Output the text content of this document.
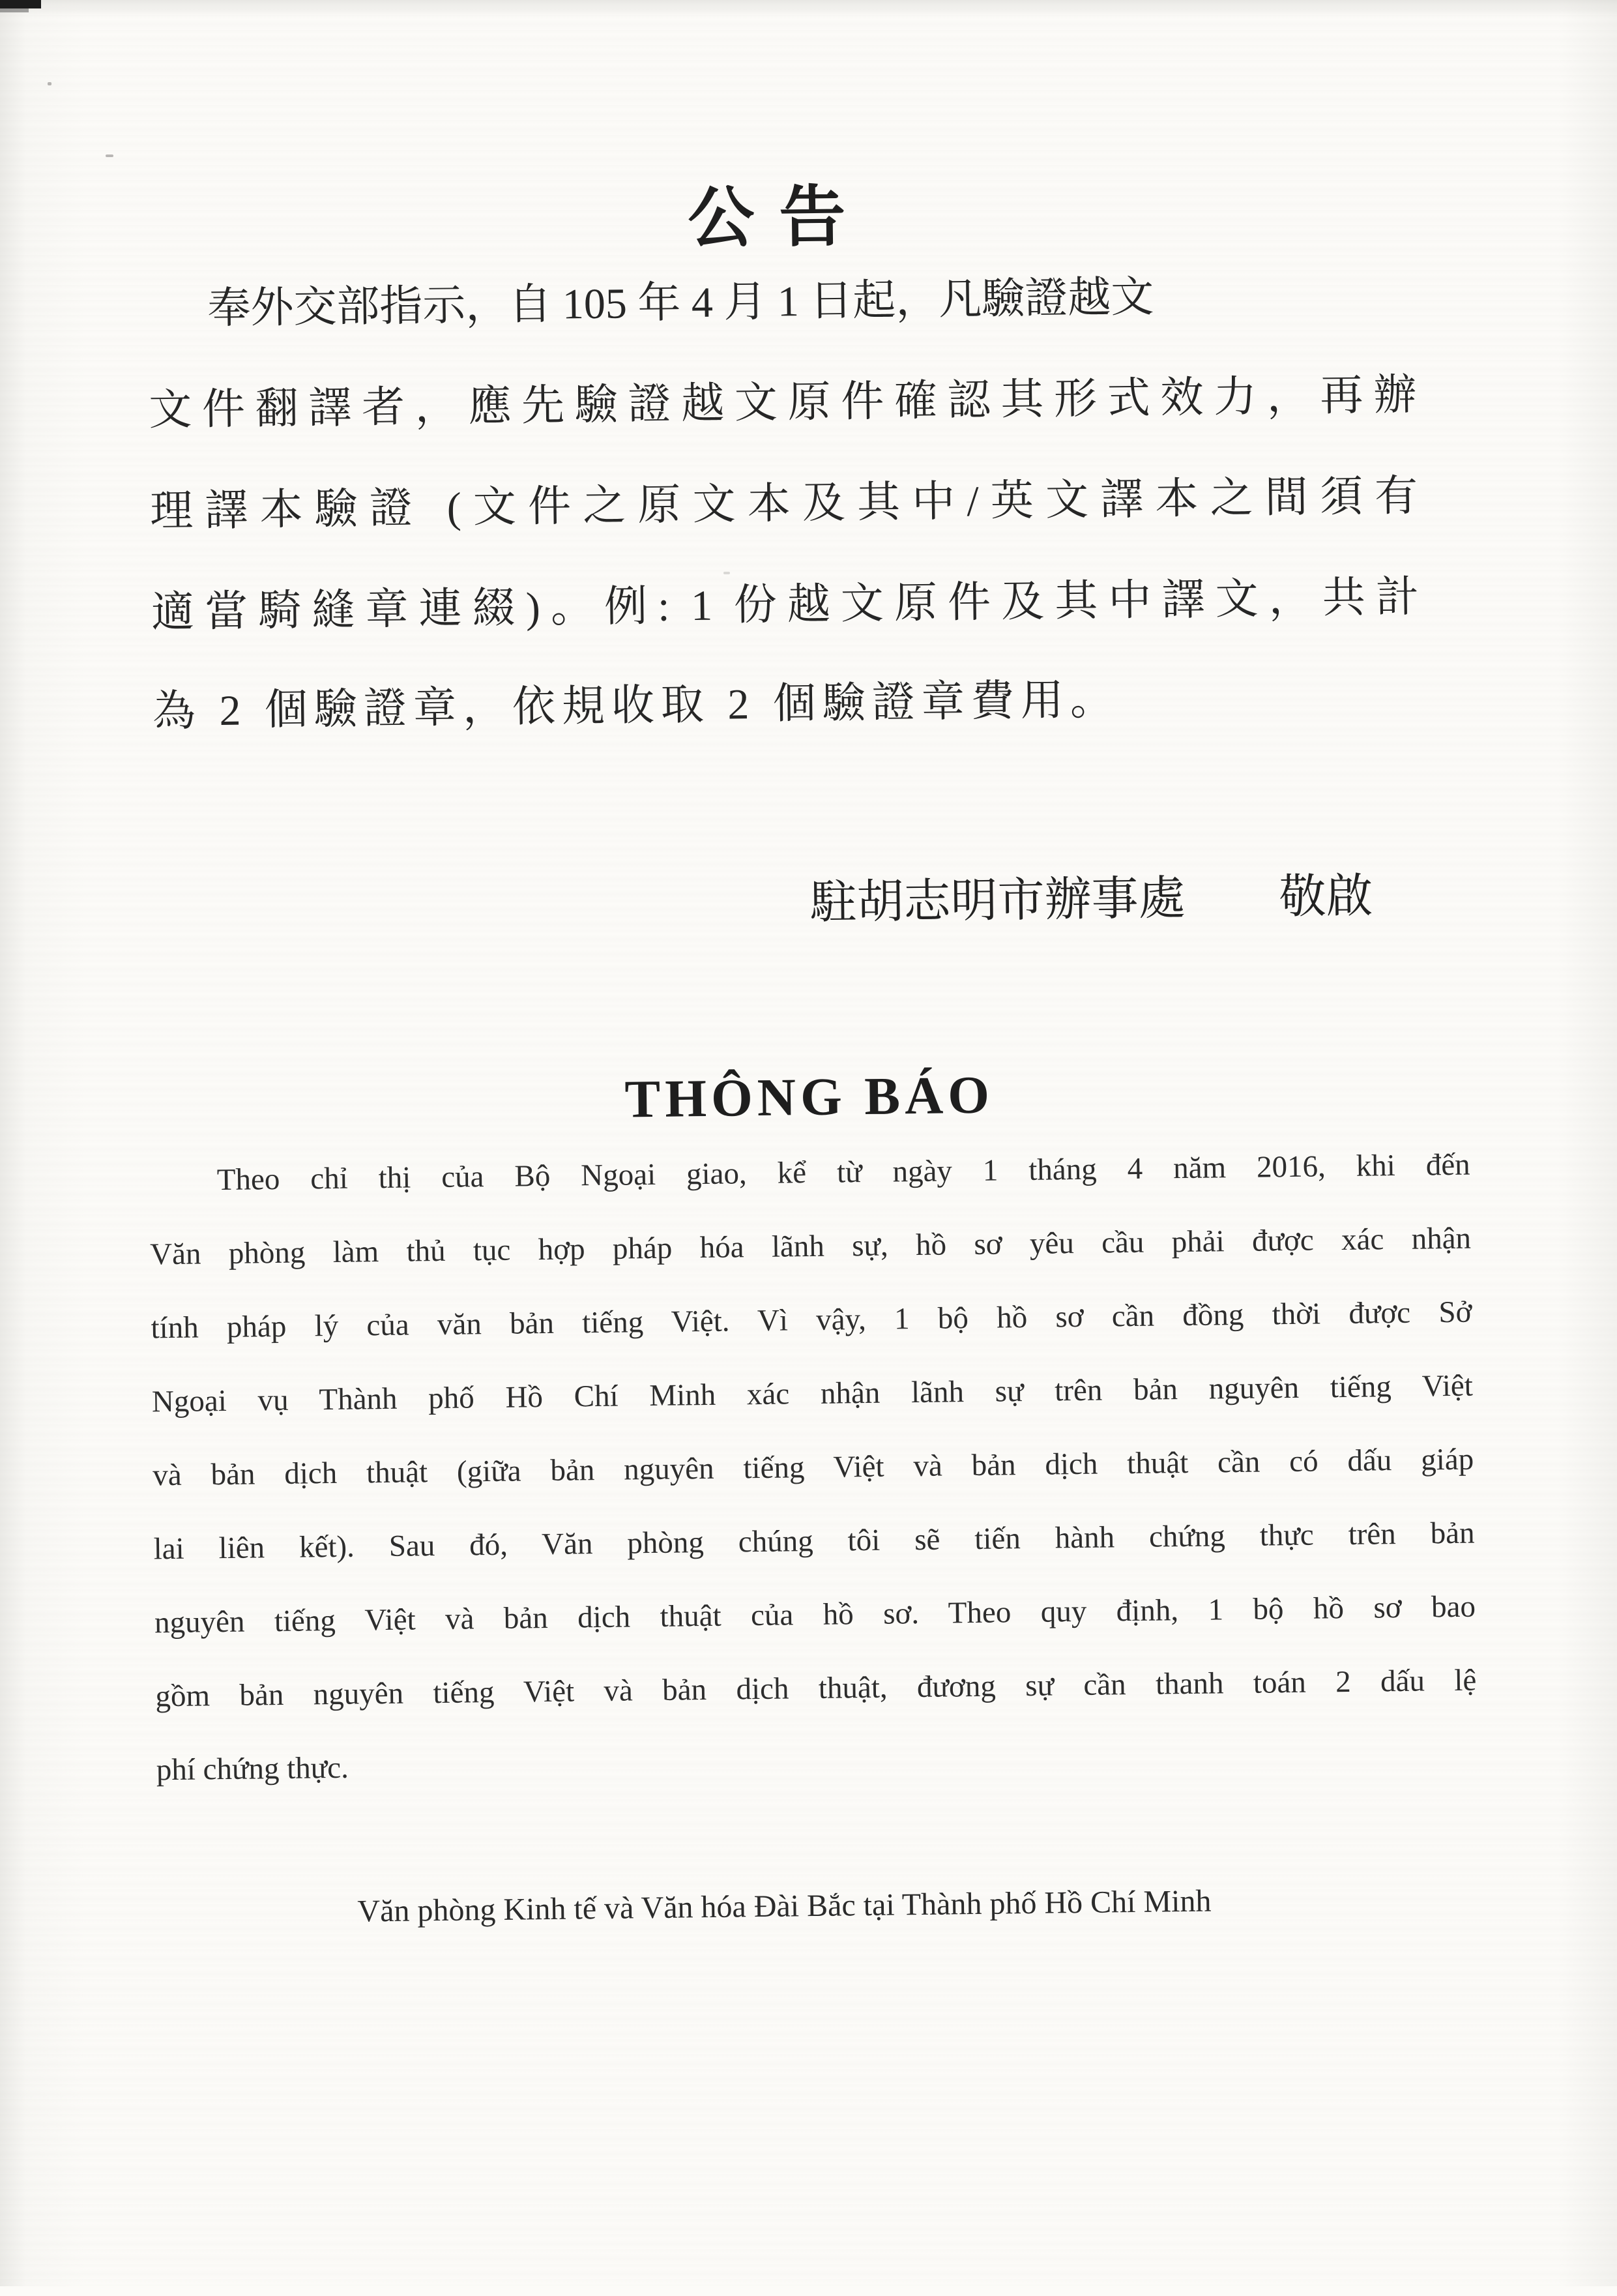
公告
奉外交部指示，自 105 年 4 月 1 日起，凡驗證越文
文件翻譯者，應先驗證越文原件確認其形式效力，再辦
理譯本驗證 (文件之原文本及其中/英文譯本之間須有
適當騎縫章連綴)。例: 1 份越文原件及其中譯文，共計
為 2 個驗證章，依規收取 2 個驗證章費用。
駐胡志明市辦事處　　敬啟
THÔNG BÁO
Theo chỉ thị của Bộ Ngoại giao, kể từ ngày 1 tháng 4 năm 2016, khi đến
Văn phòng làm thủ tục hợp pháp hóa lãnh sự, hồ sơ yêu cầu phải được xác nhận
tính pháp lý của văn bản tiếng Việt. Vì vậy, 1 bộ hồ sơ cần đồng thời được Sở
Ngoại vụ Thành phố Hồ Chí Minh xác nhận lãnh sự trên bản nguyên tiếng Việt
và bản dịch thuật (giữa bản nguyên tiếng Việt và bản dịch thuật cần có dấu giáp
lai liên kết). Sau đó, Văn phòng chúng tôi sẽ tiến hành chứng thực trên bản
nguyên tiếng Việt và bản dịch thuật của hồ sơ. Theo quy định, 1 bộ hồ sơ bao
gồm bản nguyên tiếng Việt và bản dịch thuật, đương sự cần thanh toán 2 dấu lệ
phí chứng thực.
Văn phòng Kinh tế và Văn hóa Đài Bắc tại Thành phố Hồ Chí Minh
